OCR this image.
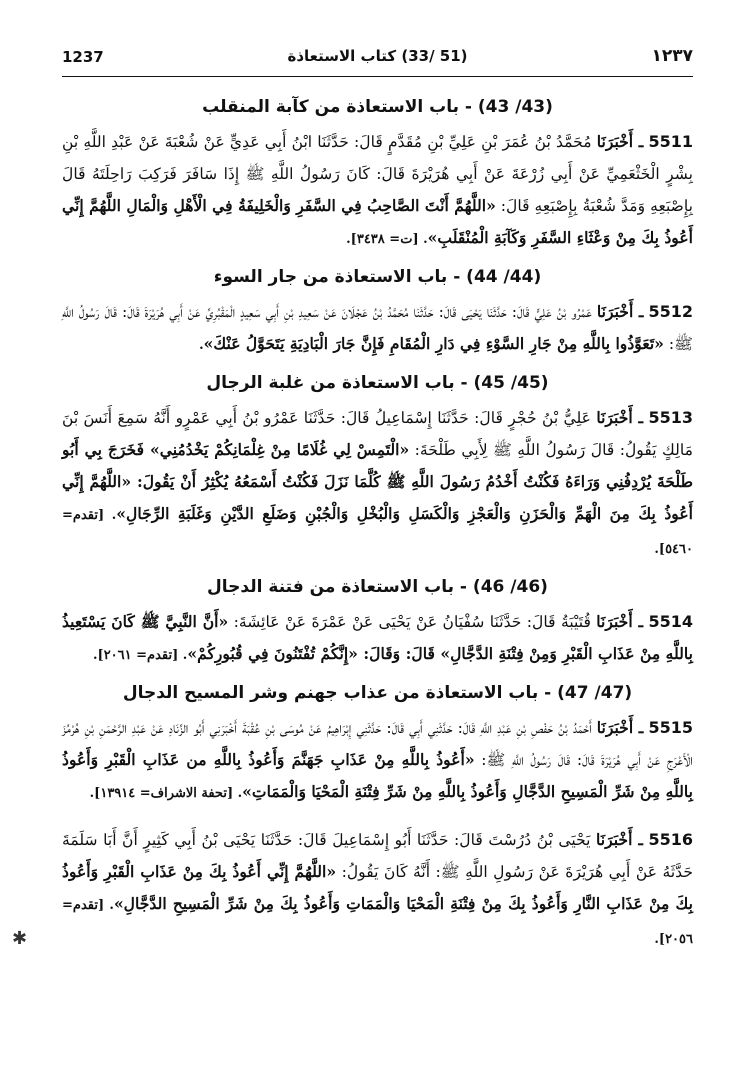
1237	(51 /33) كتاب الاستعاذة	١٢٣٧
(43/ 43) - باب الاستعاذة من كآبة المنقلب

5511 ـ أَخْبَرَنَا مُحَمَّدُ بْنُ عُمَرَ بْنِ عَلِيِّ بْنِ مُقَدَّمٍ قَالَ: حَدَّثَنَا ابْنُ أَبِي عَدِيٍّ عَنْ شُعْبَةَ عَنْ عَبْدِ اللَّهِ بْنِ بِشْرٍ الْخَثْعَمِيِّ عَنْ أَبِي زُرْعَةَ عَنْ أَبِي هُرَيْرَةَ قَالَ: كَانَ رَسُولُ اللَّهِ ﷺ إِذَا سَافَرَ فَرَكِبَ رَاحِلَتَهُ قَالَ بِإِصْبَعِهِ وَمَدَّ شُعْبَةُ بِإِصْبَعِهِ قَالَ: «اللَّهُمَّ أَنْتَ الصَّاحِبُ فِي السَّفَرِ وَالْخَلِيفَةُ فِي الْأَهْلِ وَالْمَالِ اللَّهُمَّ إِنِّي أَعُوذُ بِكَ مِنْ وَعْثَاءِ السَّفَرِ وَكَآبَةِ الْمُنْقَلَبِ». [ت= ٣٤٣٨].

(44/ 44) - باب الاستعاذة من جار السوء

5512 ـ أَخْبَرَنَا عَمْرُو بْنُ عَلِيٍّ قَالَ: حَدَّثَنَا يَحْيَى قَالَ: حَدَّثَنَا مُحَمَّدُ بْنُ عَجْلَانَ عَنْ سَعِيدِ بْنِ أَبِي سَعِيدٍ الْمَقْبُرِيِّ عَنْ أَبِي هُرَيْرَةَ قَالَ: قَالَ رَسُولُ اللَّهِ ﷺ: «تَعَوَّذُوا بِاللَّهِ مِنْ جَارِ السَّوْءِ فِي دَارِ الْمُقَامِ فَإِنَّ جَارَ الْبَادِيَةِ يَتَحَوَّلُ عَنْكَ».

(45/ 45) - باب الاستعاذة من غلبة الرجال

5513 ـ أَخْبَرَنَا عَلِيُّ بْنُ حُجْرٍ قَالَ: حَدَّثَنَا إِسْمَاعِيلُ قَالَ: حَدَّثَنَا عَمْرُو بْنُ أَبِي عَمْرٍو أَنَّهُ سَمِعَ أَنَسَ بْنَ مَالِكٍ يَقُولُ: قَالَ رَسُولُ اللَّهِ ﷺ لِأَبِي طَلْحَةَ: «الْتَمِسْ لِي غُلَامًا مِنْ غِلْمَانِكُمْ يَخْدُمُنِي» فَخَرَجَ بِي أَبُو طَلْحَةَ يُرْدِفُنِي وَرَاءَهُ فَكُنْتُ أَخْدُمُ رَسُولَ اللَّهِ ﷺ كُلَّمَا نَزَلَ فَكُنْتُ أَسْمَعُهُ يُكْثِرُ أَنْ يَقُولَ: «اللَّهُمَّ إِنِّي أَعُوذُ بِكَ مِنَ الْهَمِّ وَالْحَزَنِ وَالْعَجْزِ وَالْكَسَلِ وَالْبُخْلِ وَالْجُبْنِ وَضَلَعِ الدَّيْنِ وَغَلَبَةِ الرِّجَالِ». [تقدم= ٥٤٦٠].

(46/ 46) - باب الاستعاذة من فتنة الدجال

5514 ـ أَخْبَرَنَا قُتَيْبَةُ قَالَ: حَدَّثَنَا سُفْيَانُ عَنْ يَحْيَى عَنْ عَمْرَةَ عَنْ عَائِشَةَ: «أَنَّ النَّبِيَّ ﷺ كَانَ يَسْتَعِيذُ بِاللَّهِ مِنْ عَذَابِ الْقَبْرِ وَمِنْ فِتْنَةِ الدَّجَّالِ» قَالَ: وَقَالَ: «إِنَّكُمْ تُفْتَنُونَ فِي قُبُورِكُمْ». [تقدم= ٢٠٦١].

(47/ 47) - باب الاستعاذة من عذاب جهنم وشر المسيح الدجال

5515 ـ أَخْبَرَنَا أَحْمَدُ بْنُ حَفْصِ بْنِ عَبْدِ اللَّهِ قَالَ: حَدَّثَنِي أَبِي قَالَ: حَدَّثَنِي إِبْرَاهِيمُ عَنْ مُوسَى بْنِ عُقْبَةَ أَخْبَرَنِي أَبُو الزِّنَادِ عَنْ عَبْدِ الرَّحْمَنِ بْنِ هُرْمُزَ الْأَعْرَجِ عَنْ أَبِي هُرَيْرَةَ قَالَ: قَالَ رَسُولُ اللَّهِ ﷺ: «أَعُوذُ بِاللَّهِ مِنْ عَذَابِ جَهَنَّمَ وَأَعُوذُ بِاللَّهِ من عَذَابِ الْقَبْرِ وَأَعُوذُ بِاللَّهِ مِنْ شَرِّ الْمَسِيحِ الدَّجَّالِ وَأَعُوذُ بِاللَّهِ مِنْ شَرِّ فِتْنَةِ الْمَحْيَا وَالْمَمَاتِ». [تحفة الاشراف= ١٣٩١٤].

5516 ـ أَخْبَرَنَا يَحْيَى بْنُ دُرُسْتَ قَالَ: حَدَّثَنَا أَبُو إِسْمَاعِيلَ قَالَ: حَدَّثَنَا يَحْيَى بْنُ أَبِي كَثِيرٍ أَنَّ أَبَا سَلَمَةَ حَدَّثَهُ عَنْ أَبِي هُرَيْرَةَ عَنْ رَسُولِ اللَّهِ ﷺ: أَنَّهُ كَانَ يَقُولُ: «اللَّهُمَّ إِنِّي أَعُوذُ بِكَ مِنْ عَذَابِ الْقَبْرِ وَأَعُوذُ بِكَ مِنْ عَذَابِ النَّارِ وَأَعُوذُ بِكَ مِنْ فِتْنَةِ الْمَحْيَا وَالْمَمَاتِ وَأَعُوذُ بِكَ مِنْ شَرِّ الْمَسِيحِ الدَّجَّالِ». [تقدم= ٢٠٥٦].

✱
